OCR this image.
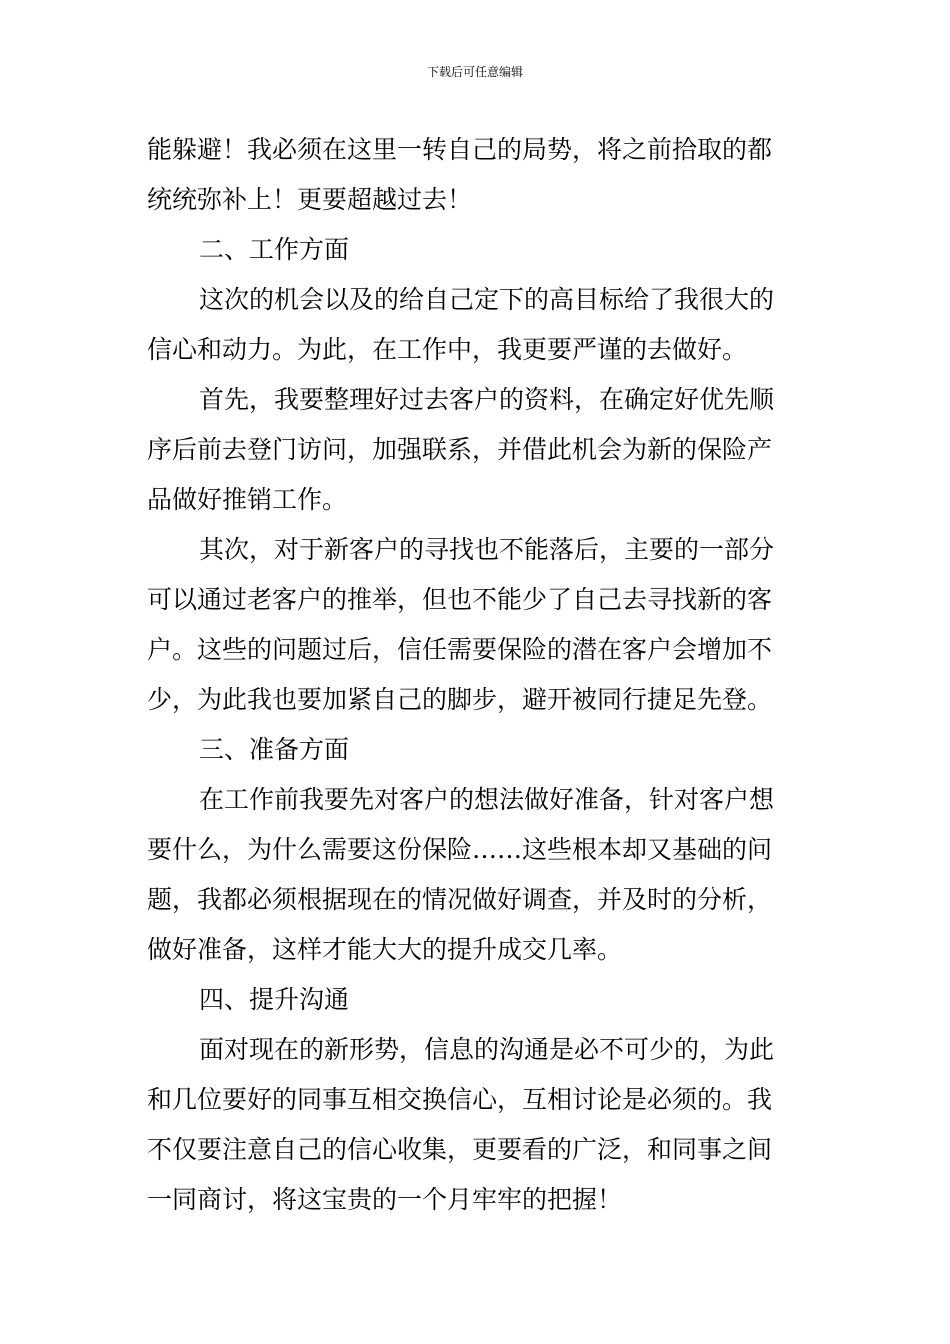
下载后可任意编辑
能躲避！我必须在这里一转自己的局势，将之前拾取的都
统统弥补上！更要超越过去！
二、工作方面
这次的机会以及的给自己定下的高目标给了我很大的
信心和动力。为此，在工作中，我更要严谨的去做好。
首先，我要整理好过去客户的资料，在确定好优先顺
序后前去登门访问，加强联系，并借此机会为新的保险产
品做好推销工作。
其次，对于新客户的寻找也不能落后，主要的一部分
可以通过老客户的推举，但也不能少了自己去寻找新的客
户。这些的问题过后，信任需要保险的潜在客户会增加不
少，为此我也要加紧自己的脚步，避开被同行捷足先登。
三、准备方面
在工作前我要先对客户的想法做好准备，针对客户想
要什么，为什么需要这份保险……这些根本却又基础的问
题，我都必须根据现在的情况做好调查，并及时的分析，
做好准备，这样才能大大的提升成交几率。
四、提升沟通
面对现在的新形势，信息的沟通是必不可少的，为此
和几位要好的同事互相交换信心，互相讨论是必须的。我
不仅要注意自己的信心收集，更要看的广泛，和同事之间
一同商讨，将这宝贵的一个月牢牢的把握！
